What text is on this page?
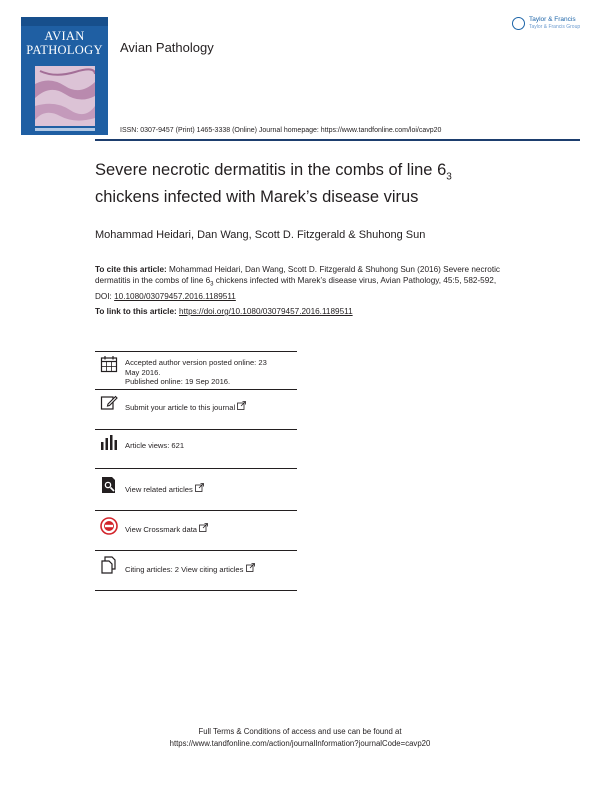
AVIAN
PATHOLOGY	Avian Pathology
Taylor & Francis
Taylor & Francis Group
ISSN: 0307-9457 (Print) 1465-3338 (Online) Journal homepage: https://www.tandfonline.com/loi/cavp20
Severe necrotic dermatitis in the combs of line $6_3$
chickens infected with Marek’s disease virus
Mohammad Heidari, Dan Wang, Scott D. Fitzgerald & Shuhong Sun
To cite this article: Mohammad Heidari, Dan Wang, Scott D. Fitzgerald & Shuhong Sun (2016) Severe necrotic dermatitis in the combs of line $6_3$ chickens infected with Marek’s disease virus, Avian Pathology, 45:5, 582-592, DOI: 10.1080/03079457.2016.1189511
To link to this article: https://doi.org/10.1080/03079457.2016.1189511
Accepted author version posted online: 23
May 2016.
Published online: 19 Sep 2016.
Submit your article to this journal
Article views: 621
View related articles
View Crossmark data
Citing articles: 2 View citing articles
Full Terms & Conditions of access and use can be found at
https://www.tandfonline.com/action/journalInformation?journalCode=cavp20
